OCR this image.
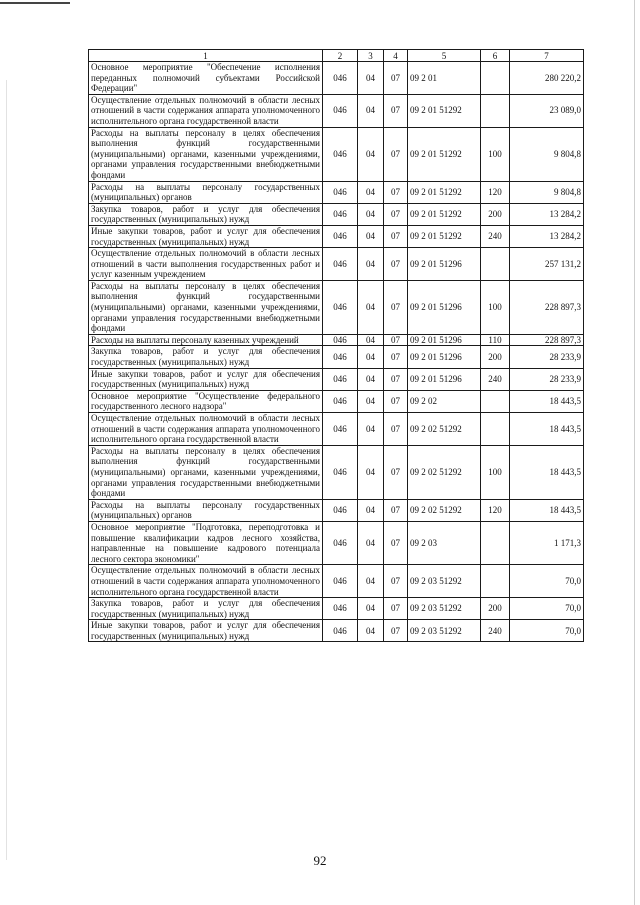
1	2	3	4	5	6	7
Основное мероприятие "Обеспечение исполнения переданных полномочий субъектами Российской Федерации"	046	04	07	09 2 01		280 220,2
Осуществление отдельных полномочий в области лесных отношений в части содержания аппарата уполномоченного исполнительного органа государственной власти	046	04	07	09 2 01 51292		23 089,0
Расходы на выплаты персоналу в целях обеспечения выполнения функций государственными (муниципальными) органами, казенными учреждениями, органами управления государственными внебюджетными фондами	046	04	07	09 2 01 51292	100	9 804,8
Расходы на выплаты персоналу государственных (муниципальных) органов	046	04	07	09 2 01 51292	120	9 804,8
Закупка товаров, работ и услуг для обеспечения государственных (муниципальных) нужд	046	04	07	09 2 01 51292	200	13 284,2
Иные закупки товаров, работ и услуг для обеспечения государственных (муниципальных) нужд	046	04	07	09 2 01 51292	240	13 284,2
Осуществление отдельных полномочий в области лесных отношений в части выполнения государственных работ и услуг казенным учреждением	046	04	07	09 2 01 51296		257 131,2
Расходы на выплаты персоналу в целях обеспечения выполнения функций государственными (муниципальными) органами, казенными учреждениями, органами управления государственными внебюджетными фондами	046	04	07	09 2 01 51296	100	228 897,3
Расходы на выплаты персоналу казенных учреждений	046	04	07	09 2 01 51296	110	228 897,3
Закупка товаров, работ и услуг для обеспечения государственных (муниципальных) нужд	046	04	07	09 2 01 51296	200	28 233,9
Иные закупки товаров, работ и услуг для обеспечения государственных (муниципальных) нужд	046	04	07	09 2 01 51296	240	28 233,9
Основное мероприятие "Осуществление федерального государственного лесного надзора"	046	04	07	09 2 02		18 443,5
Осуществление отдельных полномочий в области лесных отношений в части содержания аппарата уполномоченного исполнительного органа государственной власти	046	04	07	09 2 02 51292		18 443,5
Расходы на выплаты персоналу в целях обеспечения выполнения функций государственными (муниципальными) органами, казенными учреждениями, органами управления государственными внебюджетными фондами	046	04	07	09 2 02 51292	100	18 443,5
Расходы на выплаты персоналу государственных (муниципальных) органов	046	04	07	09 2 02 51292	120	18 443,5
Основное мероприятие "Подготовка, переподготовка и повышение квалификации кадров лесного хозяйства, направленные на повышение кадрового потенциала лесного сектора экономики"	046	04	07	09 2 03		1 171,3
Осуществление отдельных полномочий в области лесных отношений в части содержания аппарата уполномоченного исполнительного органа государственной власти	046	04	07	09 2 03 51292		70,0
Закупка товаров, работ и услуг для обеспечения государственных (муниципальных) нужд	046	04	07	09 2 03 51292	200	70,0
Иные закупки товаров, работ и услуг для обеспечения государственных (муниципальных) нужд	046	04	07	09 2 03 51292	240	70,0
92
